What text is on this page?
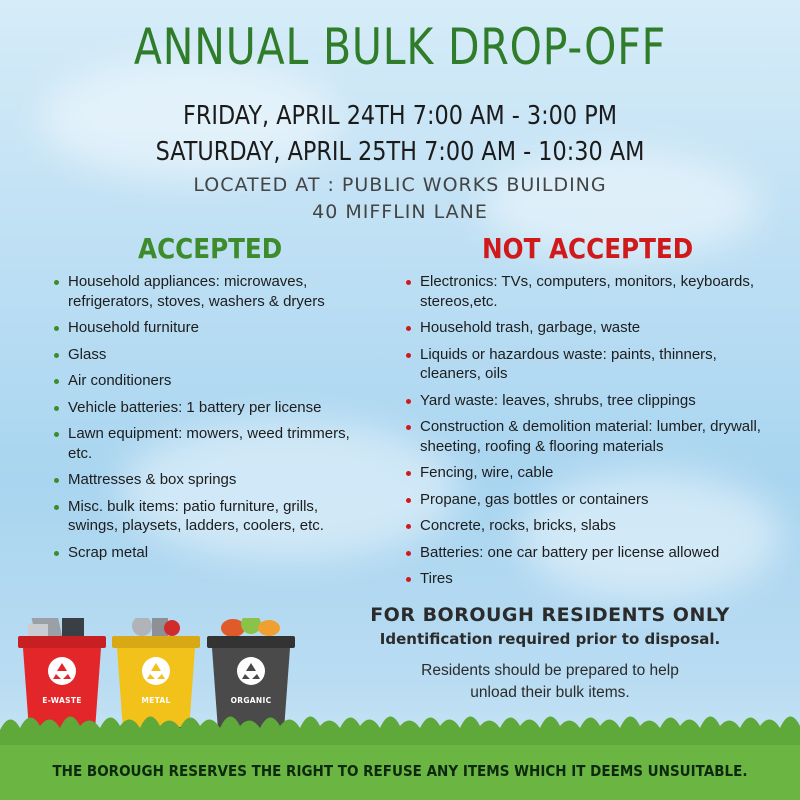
ANNUAL BULK DROP-OFF
FRIDAY, APRIL 24TH 7:00 AM - 3:00 PM
SATURDAY, APRIL 25TH 7:00 AM - 10:30 AM
LOCATED AT : PUBLIC WORKS BUILDING
40 MIFFLIN LANE
ACCEPTED	NOT ACCEPTED
Household appliances: microwaves, refrigerators, stoves, washers & dryers
Household furniture
Glass
Air conditioners
Vehicle batteries: 1 battery per license
Lawn equipment: mowers, weed trimmers, etc.
Mattresses & box springs
Misc. bulk items: patio furniture, grills, swings, playsets, ladders, coolers, etc.
Scrap metal
Electronics: TVs, computers, monitors, keyboards, stereos,etc.
Household trash, garbage, waste
Liquids or hazardous waste: paints, thinners, cleaners, oils
Yard waste: leaves, shrubs, tree clippings
Construction & demolition material: lumber, drywall, sheeting, roofing & flooring materials
Fencing, wire, cable
Propane, gas bottles or containers
Concrete, rocks, bricks, slabs
Batteries: one car battery per license allowed
Tires
FOR BOROUGH RESIDENTS ONLY
Identification required prior to disposal.
Residents should be prepared to help
unload their bulk items.
E-WASTE	METAL	ORGANIC
THE BOROUGH RESERVES THE RIGHT TO REFUSE ANY ITEMS WHICH IT DEEMS UNSUITABLE.
